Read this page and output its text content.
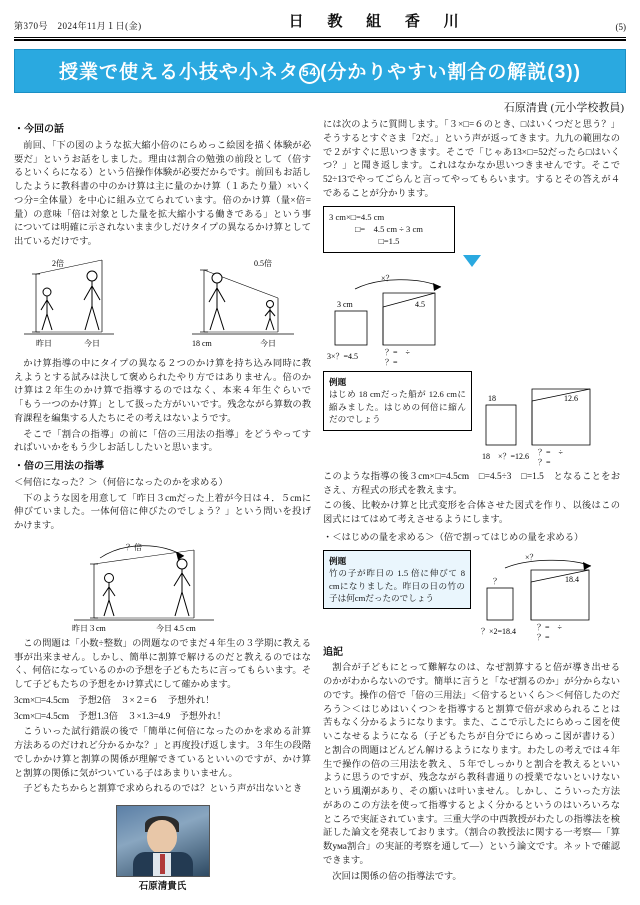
第370号　2024年11月１日(金)	日 教 組 香 川	(5)
授業で使える小技や小ネタ 54 (分かりやすい割合の解説(3))
石原清貴 (元小学校教員)
・今回の話

前回、「下の図のような拡大縮小倍のにらめっこ絵図を描く体験が必要だ」というお話をしました。理由は割合の勉強の前段として（倍するといくらになる）という倍操作体験が必要だからです。前回もお話ししたように教科書の中のかけ算は主に量のかけ算（１あたり量）×いくつ分=全体量）を中心に組み立てられています。倍のかけ算（量×倍=量）の意味「倍は対象とした量を拡大縮小する働きである」という事については明確に示されないまま少しだけタイプの異なるかけ算として出ているだけです。

2倍
昨日	今日
0.5倍
18 cm	今日

かけ算指導の中にタイプの異なる２つのかけ算を持ち込み同時に教えようとする試みは決して褒められたやり方ではありません。倍のかけ算は２年生のかけ算で指導するのではなく、本来４年生ぐらいで「もう一つのかけ算」として扱った方がいいです。残念ながら算数の教育課程を編集する人たちにその考えはないようです。

そこで「割合の指導」の前に「倍の三用法の指導」をどうやってすればいいかをもう少しお話ししたいと思います。

・倍の三用法の指導

＜何倍になった？＞（何倍になったのかを求める）

下のような図を用意して「昨日３cmだった上着が今日は４．５cmに伸びていました。一体何倍に伸びたのでしょう？」という問いを投げかけます。

？倍
昨日３cm	今日 4.5 cm

この問題は「小数÷整数」の問題なのでまだ４年生の３学期に教える事が出来ません。しかし、簡単に割算で解けるのだと教えるのではなく、何倍になっているのかの予想を子どもたちに言ってもらいます。そして子どもたちの予想をかけ算式にして確かめます。

3cm×□=4.5cm　予想2倍　３×２=６　予想外れ！

3cm×□=4.5cm　予想1.3倍　３×1.3=4.9　予想外れ！

こういった試行錯誤の後で「簡単に何倍になったのかを求める計算方法あるのだけれど分かるかな？」と再度投げ返します。３年生の段階でしかかけ算と割算の関係が理解できているといいのですが、かけ算と割算の関係に気がついている子はあまりいません。

子どもたちからと割算で求められるのでは？という声が出ないとき

石原清貴氏

には次のように質問します。「３×□=６のとき、□はいくつだと思う？」そうするとすぐさま「2だ。」という声が返ってきます。九九の範囲なので２がすぐに思いつきます。そこで「じゃあ13×□=52だったら□はいくつ？」と聞き返します。これはなかなか思いつきませんです。そこで52÷13でやってごらんと言ってやってもらいます。するとその答えが４であることが分かります。

3 cm×□=4.5 cm
□=　4.5 cm ÷ 3 cm
□=1.5
×？
3 cm	4.5
3×？=4.5	？=　÷
？=
例題
はじめ 18 cmだった船が 12.6 cmに縮みました。はじめの何倍に縮んだのでしょう
18	12.6
18　×？=12.6 ？=　÷
？=

このような指導の後３cm×□=4.5cm　□=4.5÷3　□=1.5　となることをおさえ、方程式の形式を教えます。

この後、比較かけ算と比式変形を合体させた図式を作り、以後はこの図式にはてはめて考えさせるようにします。

・＜はじめの量を求める＞（倍で割ってはじめの量を求める）

例題
竹の子が昨日の 1.5 倍に伸びて 8 cmになりました。昨日の日の竹の子は何cmだったのでしょう
×？
？	18.4
？×2=18.4	？=　÷
？=
追記

割合が子どもにとって難解なのは、なぜ割算すると倍が導き出せるのかがわからないのです。簡単に言うと「なぜ割るのか」が分からないのです。操作の倍で「倍の三用法」＜倍するといくら＞＜何倍したのだろう＞＜はじめはいくつ＞を指導すると割算で倍が求められることは苦もなく分かるようになります。また、ここで示したにらめっこ図を使いこなせるようになる（子どもたちが自分でにらめっこ図が書ける）と割合の問題はどんどん解けるようになります。わたしの考えでは４年生で操作の倍の三用法を教え、５年でしっかりと割合を教えるといいように思うのですが、残念ながら教科書通りの授業でないといけないという風潮があり、その願いは叶いません。しかし、こういった方法があのこの方法を使って指導するとよく分かるというのはいろいろなところで実証されています。三重大学の中西教授がわたしの指導法を検証した論文を発表しております。（割合の教授法に関する一考察―「算数ума割合」の実証的考察を通して―）という論文です。ネットで確認できます。

次回は関係の倍の指導法です。
